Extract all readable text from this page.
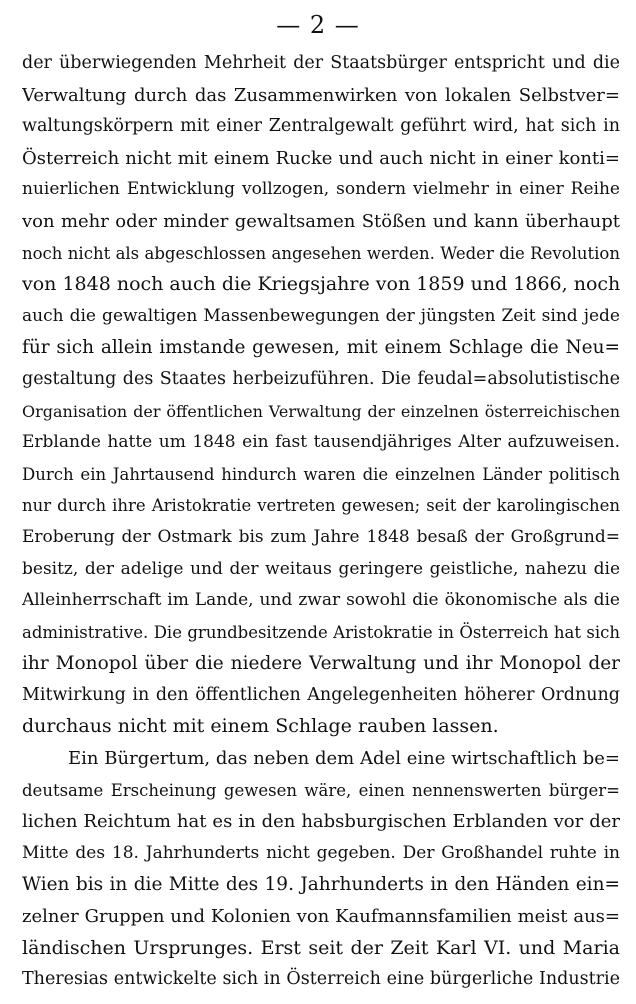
— 2 —
der überwiegenden Mehrheit der Staatsbürger entspricht und die
Verwaltung durch das Zusammenwirken von lokalen Selbstver=
waltungskörpern mit einer Zentralgewalt geführt wird, hat sich in
Österreich nicht mit einem Rucke und auch nicht in einer konti=
nuierlichen Entwicklung vollzogen, sondern vielmehr in einer Reihe
von mehr oder minder gewaltsamen Stößen und kann überhaupt
noch nicht als abgeschlossen angesehen werden. Weder die Revolution
von 1848 noch auch die Kriegsjahre von 1859 und 1866, noch
auch die gewaltigen Massenbewegungen der jüngsten Zeit sind jede
für sich allein imstande gewesen, mit einem Schlage die Neu=
gestaltung des Staates herbeizuführen. Die feudal=absolutistische
Organisation der öffentlichen Verwaltung der einzelnen österreichischen
Erblande hatte um 1848 ein fast tausendjähriges Alter aufzuweisen.
Durch ein Jahrtausend hindurch waren die einzelnen Länder politisch
nur durch ihre Aristokratie vertreten gewesen; seit der karolingischen
Eroberung der Ostmark bis zum Jahre 1848 besaß der Großgrund=
besitz, der adelige und der weitaus geringere geistliche, nahezu die
Alleinherrschaft im Lande, und zwar sowohl die ökonomische als die
administrative. Die grundbesitzende Aristokratie in Österreich hat sich
ihr Monopol über die niedere Verwaltung und ihr Monopol der
Mitwirkung in den öffentlichen Angelegenheiten höherer Ordnung
durchaus nicht mit einem Schlage rauben lassen.
Ein Bürgertum, das neben dem Adel eine wirtschaftlich be=
deutsame Erscheinung gewesen wäre, einen nennenswerten bürger=
lichen Reichtum hat es in den habsburgischen Erblanden vor der
Mitte des 18. Jahrhunderts nicht gegeben. Der Großhandel ruhte in
Wien bis in die Mitte des 19. Jahrhunderts in den Händen ein=
zelner Gruppen und Kolonien von Kaufmannsfamilien meist aus=
ländischen Ursprunges. Erst seit der Zeit Karl VI. und Maria
Theresias entwickelte sich in Österreich eine bürgerliche Industrie
